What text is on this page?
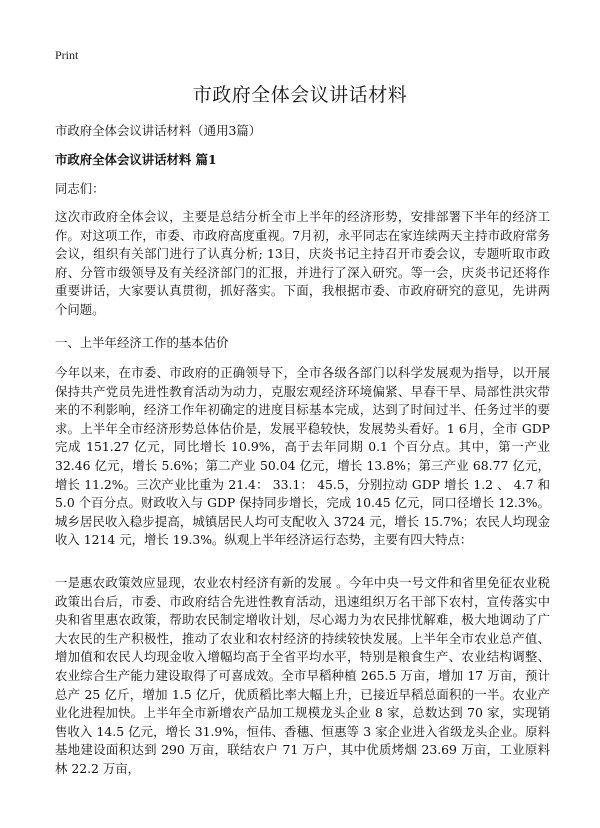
Print
市政府全体会议讲话材料
市政府全体会议讲话材料（通用3篇）
市政府全体会议讲话材料 篇1
同志们：
这次市政府全体会议，主要是总结分析全市上半年的经济形势，安排部署下半年的经济工作。对这项工作，市委、市政府高度重视。7月初，永平同志在家连续两天主持市政府常务会议，组织有关部门进行了认真分析; 13日，庆炎书记主持召开市委会议，专题听取市政府、分管市级领导及有关经济部门的汇报，并进行了深入研究。等一会，庆炎书记还将作重要讲话，大家要认真贯彻，抓好落实。下面，我根据市委、市政府研究的意见，先讲两个问题。
一、上半年经济工作的基本估价
今年以来，在市委、市政府的正确领导下，全市各级各部门以科学发展观为指导，以开展保持共产党员先进性教育活动为动力，克服宏观经济环境偏紧、早春干旱、局部性洪灾带来的不利影响，经济工作年初确定的进度目标基本完成，达到了时间过半、任务过半的要求。上半年全市经济形势总体估价是，发展平稳较快，发展势头看好。1 6月，全市 GDP 完成 151.27 亿元，同比增长 10.9%，高于去年同期 0.1 个百分点。其中，第一产业 32.46 亿元，增长 5.6%；第二产业 50.04 亿元，增长 13.8%；第三产业 68.77 亿元，增长 11.2%。三次产业比重为 21.4： 33.1： 45.5，分别拉动 GDP 增长 1.2 、 4.7 和 5.0 个百分点。财政收入与 GDP 保持同步增长，完成 10.45 亿元，同口径增长 12.3%。城乡居民收入稳步提高，城镇居民人均可支配收入 3724 元，增长 15.7%；农民人均现金收入 1214 元，增长 19.3%。纵观上半年经济运行态势，主要有四大特点：
一是惠农政策效应显现，农业农村经济有新的发展 。今年中央一号文件和省里免征农业税政策出台后，市委、市政府结合先进性教育活动，迅速组织万名干部下农村，宣传落实中央和省里惠农政策，帮助农民制定增收计划，尽心竭力为农民排忧解难，极大地调动了广大农民的生产积极性，推动了农业和农村经济的持续较快发展。上半年全市农业总产值、增加值和农民人均现金收入增幅均高于全省平均水平，特别是粮食生产、农业结构调整、农业综合生产能力建设取得了可喜成效。全市早稻种植 265.5 万亩，增加 17 万亩，预计总产 25 亿斤，增加 1.5 亿斤，优质稻比率大幅上升，已接近早稻总面积的一半。农业产业化进程加快。上半年全市新增农产品加工规模龙头企业 8 家，总数达到 70 家，实现销售收入 14.5 亿元，增长 31.9%，恒伟、香穗、恒惠等 3 家企业进入省级龙头企业。原料基地建设面积达到 290 万亩，联结农户 71 万户，其中优质烤烟 23.69 万亩，工业原料林 22.2 万亩，
